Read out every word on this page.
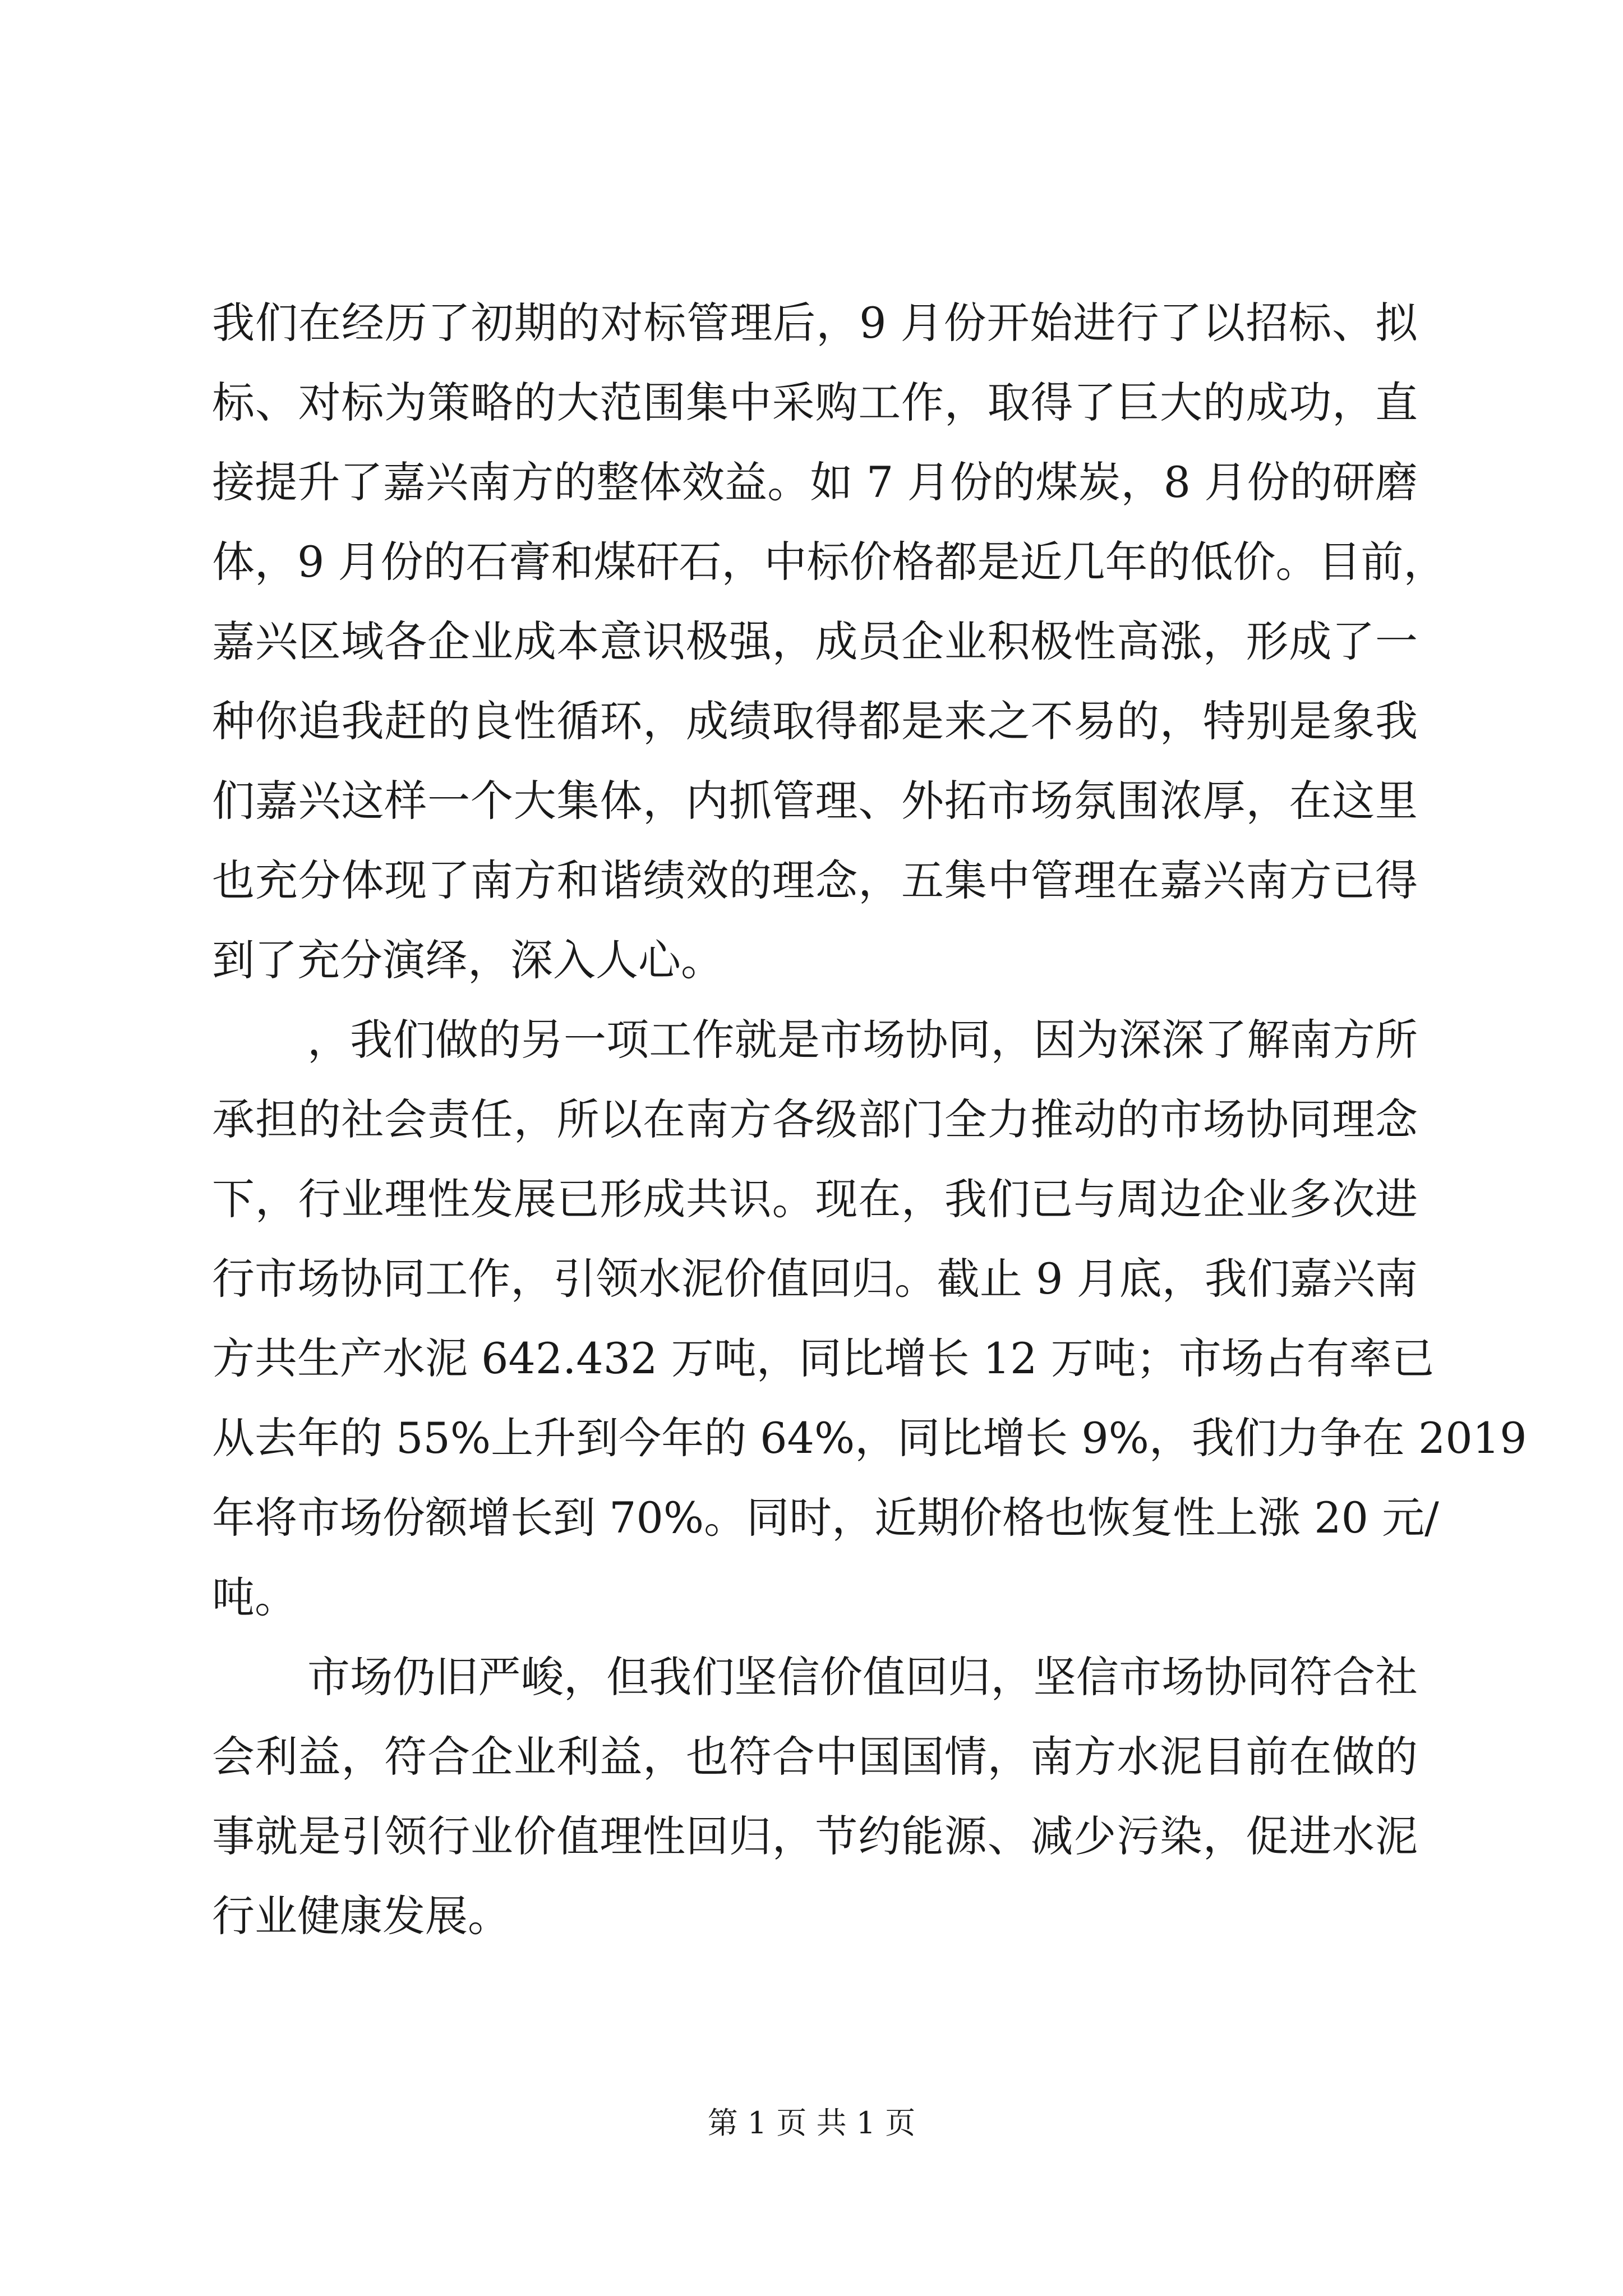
我们在经历了初期的对标管理后，9 月份开始进行了以招标、拟
标、对标为策略的大范围集中采购工作，取得了巨大的成功，直
接提升了嘉兴南方的整体效益。如 7 月份的煤炭，8 月份的研磨
体，9 月份的石膏和煤矸石，中标价格都是近几年的低价。目前，
嘉兴区域各企业成本意识极强，成员企业积极性高涨，形成了一
种你追我赶的良性循环，成绩取得都是来之不易的，特别是象我
们嘉兴这样一个大集体，内抓管理、外拓市场氛围浓厚，在这里
也充分体现了南方和谐绩效的理念，五集中管理在嘉兴南方已得
到了充分演绎，深入人心。
，我们做的另一项工作就是市场协同，因为深深了解南方所
承担的社会责任，所以在南方各级部门全力推动的市场协同理念
下，行业理性发展已形成共识。现在，我们已与周边企业多次进
行市场协同工作，引领水泥价值回归。截止 9 月底，我们嘉兴南
方共生产水泥 642.432 万吨，同比增长 12 万吨；市场占有率已
从去年的 55%上升到今年的 64%，同比增长 9%，我们力争在 2019
年将市场份额增长到 70%。同时，近期价格也恢复性上涨 20 元/
吨。
市场仍旧严峻，但我们坚信价值回归，坚信市场协同符合社
会利益，符合企业利益，也符合中国国情，南方水泥目前在做的
事就是引领行业价值理性回归，节约能源、减少污染，促进水泥
行业健康发展。
第 1 页 共 1 页
